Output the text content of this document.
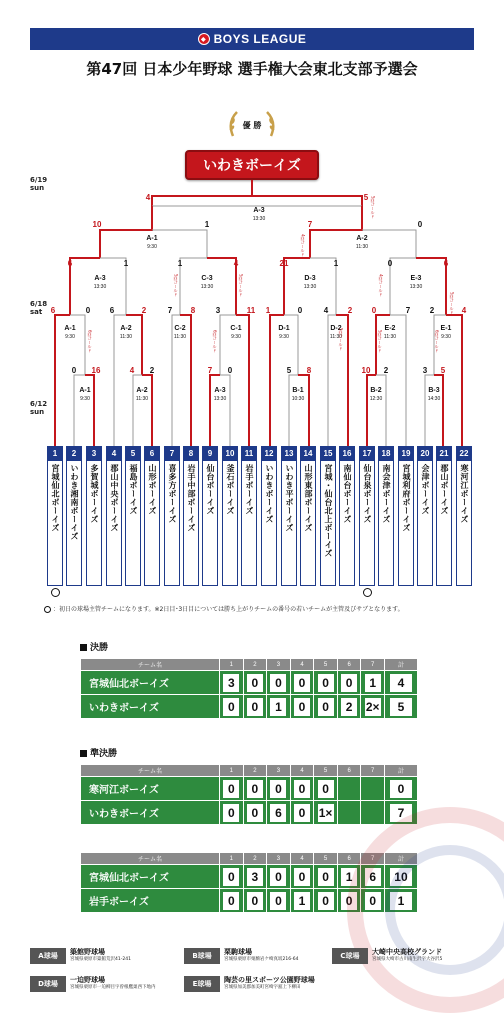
◆ BOYS LEAGUE
第47回 日本少年野球 選手権大会東北支部予選会
優 勝
いわきボーイズ
6/19
sun
6/18
sat
6/12
sun
A-3
13:30
A-1
9:30
A-2
11:30
A-3
13:30
C-3
13:30
D-3
13:30
E-3
13:30
A-1
9:30
A-2
11:30
C-2
11:30
C-1
9:30
D-1
9:30
D-2
11:30
E-2
11:30
E-1
9:30
A-1
9:30
A-2
11:30
A-3
13:30
B-1
10:30
B-2
12:30
B-3
14:30
4	5
10	1	7	0
6	1	1	4	21	1	0	6
6	0 6	2	7 8	3	11 1	0	4 2 0	7 2	4
0 16	4 2	7 0	5 8	10 2	3 5
5回ゴールド
4回ゴールド
5回ゴールド	5回ゴールド	4回ゴールド
6回ゴールド	6回ゴールド	5回ゴールド	5回ゴールド	6回ゴールド
5回ゴールド
1
宮城仙北ボーイズ
2
いわき湘南ボーイズ
3
多賀城ボーイズ
4
郡山中央ボーイズ
5
福島ボーイズ
6
山形ボーイズ
7
喜多方ボーイズ
8
岩手中部ボーイズ
9
仙台ボーイズ
10
釜石ボーイズ
11
岩手ボーイズ
12
いわきボーイズ
13
いわき平ボーイズ
14
山形東部ボーイズ
15
宮城・仙台北上ボーイズ
16
南仙台ボーイズ
17
仙台泉ボーイズ
18
南会津ボーイズ
19
宮城利府ボーイズ
20
会津ボーイズ
21
郡山ボーイズ
22
寒河江ボーイズ
：初日の球場主管チームになります。※2日目･3日目については勝ち上がりチームの番号の若いチームが主管及びサブとなります。
決勝
チーム名	1	2	3	4	5	6	7	計
宮城仙北ボーイズ	3	0	0	0	0	0	1	4
いわきボーイズ	0	0	1	0	0	2	2×	5
準決勝
チーム名	1	2	3	4	5	6	7	計
寒河江ボーイズ	0	0	0	0	0			0
いわきボーイズ	0	0	6	0	1×			7
チーム名	1	2	3	4	5	6	7	計
宮城仙北ボーイズ	0	3	0	0	0	1	6	10
岩手ボーイズ	0	0	0	1	0	0	0	1
A球場	築館野球場
宮城県栗原市築館荒沢41-241	B球場	栗駒球場
宮城県栗原市栗駒岩ケ崎真坂216-64	C球場	大崎中央高校グランド
宮城県大崎市古川南生沢字大谷沢5
D球場	一迫野球場
宮城県栗原市一迫柳目字曽根鷹巣西下地内	E球場	陶芸の里スポーツ公園野球場
宮城県加美郡加美町宮崎字舘上下柳田
